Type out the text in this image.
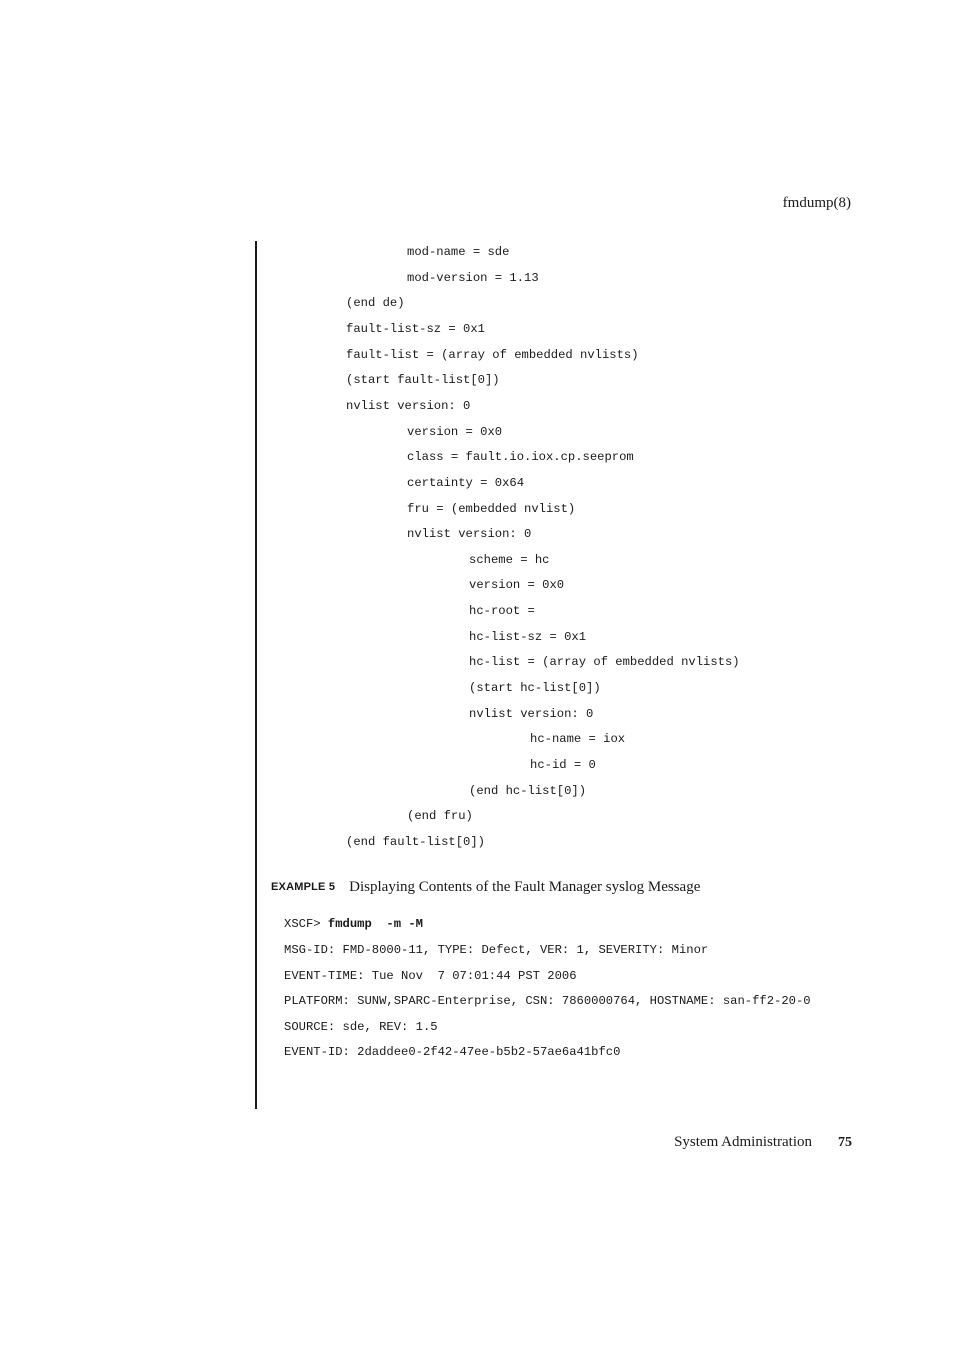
fmdump(8)
mod-name = sde
mod-version = 1.13
(end de)
fault-list-sz = 0x1
fault-list = (array of embedded nvlists)
(start fault-list[0])
nvlist version: 0
version = 0x0
class = fault.io.iox.cp.seeprom
certainty = 0x64
fru = (embedded nvlist)
nvlist version: 0
scheme = hc
version = 0x0
hc-root =
hc-list-sz = 0x1
hc-list = (array of embedded nvlists)
(start hc-list[0])
nvlist version: 0
hc-name = iox
hc-id = 0
(end hc-list[0])
(end fru)
(end fault-list[0])
EXAMPLE 5 Displaying Contents of the Fault Manager syslog Message
XSCF> fmdump  -m -M
MSG-ID: FMD-8000-11, TYPE: Defect, VER: 1, SEVERITY: Minor
EVENT-TIME: Tue Nov  7 07:01:44 PST 2006
PLATFORM: SUNW,SPARC-Enterprise, CSN: 7860000764, HOSTNAME: san-ff2-20-0
SOURCE: sde, REV: 1.5
EVENT-ID: 2daddee0-2f42-47ee-b5b2-57ae6a41bfc0
System Administration 75
